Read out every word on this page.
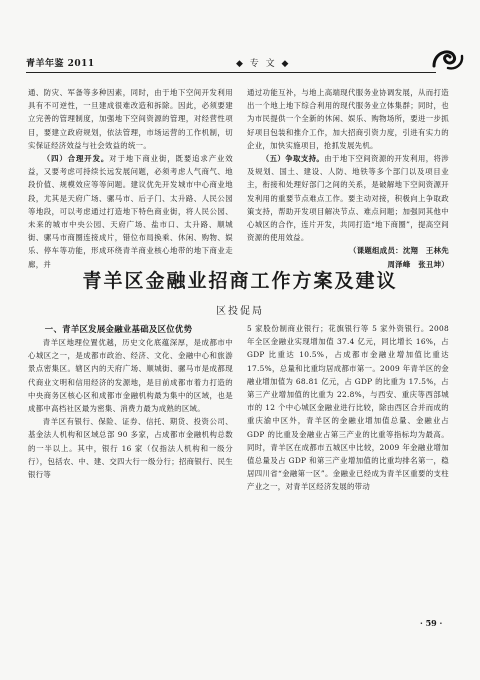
青羊年鉴 2011	◆ 专 文 ◆

通、防灾、军备等多种因素，同时，由于地下空间开发利用具有不可逆性，一旦建成很难改造和拆除。因此，必须要建立完善的管理制度，加强地下空间资源的管理，对经营性项目，要建立政府规划，依法管理，市场运营的工作机制，切实保证经济效益与社会效益的统一。

（四）合理开发。对于地下商业街，既要追求产业效益，又要考虑可持续长远发展问题，必须考虑人气商气、地段价值、规模效应等等问题。建议优先开发城市中心商业地段，尤其是天府广场、骡马市、后子门、太升路、人民公园等地段，可以考虑通过打造地下特色商业街，将人民公园、未来的城市中央公园、天府广场、盐市口、太升路、顺城街、骡马市商圈连接成片，错位布局换乘、休闲、购物、娱乐、停车等功能，形成环绕青羊商业核心地带的地下商业走廊，并

通过功能互补，与地上高端现代服务业协调发展，从而打造出一个地上地下综合利用的现代服务业立体集群；同时，也为市民提供一个全新的休闲、娱乐、购物场所，要进一步抓好项目包装和推介工作，加大招商引资力度，引进有实力的企业，加快实施项目，抢抓发展先机。

（五）争取支持。由于地下空间资源的开发利用，将涉及规划、国土、建设、人防、地铁等多个部门以及项目业主，衔接和处理好部门之间的关系，是破解地下空间资源开发利用的重要节点难点工作。要主动对接，积极向上争取政策支持，帮助开发项目解决节点、难点问题；加强同其他中心城区的合作，连片开发，共同打造“地下商圈”，提高空间资源的使用效益。

（课题组成员：沈翔　王林先

周泽峰　张丑坤）

青羊区金融业招商工作方案及建议
区投促局

一、青羊区发展金融业基础及区位优势

青羊区地理位置优越，历史文化底蕴深厚，是成都市中心城区之一，是成都市政治、经济、文化、金融中心和旅游景点密集区。辖区内的天府广场、顺城街、骡马市是成都现代商业文明和信用经济的发源地，是目前成都市着力打造的中央商务区核心区和成都市金融机构最为集中的区域，也是成都中高档社区最为密集、消费力最为成熟的区域。

青羊区有银行、保险、证券、信托、期货、投资公司、基金法人机构和区域总部 90 多家，占成都市金融机构总数的一半以上。其中，银行 16 家（仅指法人机构和一级分行），包括农、中、建、交四大行一级分行；招商银行、民生银行等

5 家股份制商业银行；花旗银行等 5 家外资银行。2008 年全区金融业实现增加值 37.4 亿元，同比增长 16%，占 GDP 比重达 10.5%，占成都市金融业增加值比重达 17.5%，总量和比重均居成都市第一。2009 年青羊区的金融业增加值为 68.81 亿元，占 GDP 的比重为 17.5%，占第三产业增加值的比重为 22.8%，与西安、重庆等西部城市的 12 个中心城区金融业进行比较，除由西区合并而成的重庆渝中区外，青羊区的金融业增加值总量、金融业占 GDP 的比重及金融业占第三产业的比重等指标均为最高。同时，青羊区在成都市五城区中比较，2009 年金融业增加值总量及占 GDP 和第三产业增加值的比重均排名第一，稳居四川省“金融第一区”。金融业已经成为青羊区重要的支柱产业之一，对青羊区经济发展的带动

· 59 ·
